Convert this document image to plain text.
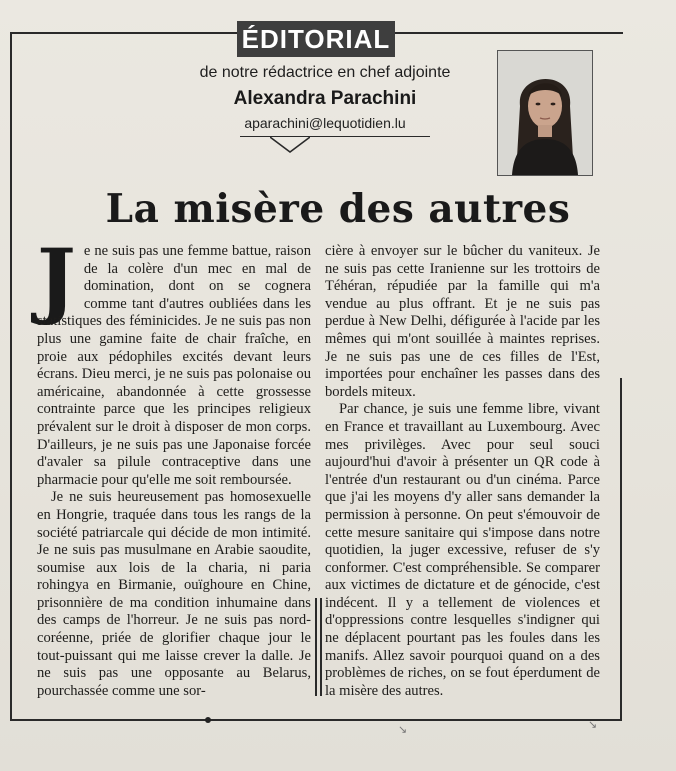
ÉDITORIAL
de notre rédactrice en chef adjointe
Alexandra Parachini
aparachini@lequotidien.lu
La misère des autres

Je ne suis pas une femme battue, raison de la colère d'un mec en mal de domination, dont on se cognera comme tant d'autres oubliées dans les statistiques des féminicides. Je ne suis pas non plus une gamine faite de chair fraîche, en proie aux pédophiles excités devant leurs écrans. Dieu merci, je ne suis pas polonaise ou américaine, abandonnée à cette grossesse contrainte parce que les principes religieux prévalent sur le droit à disposer de mon corps. D'ailleurs, je ne suis pas une Japonaise forcée d'avaler sa pilule contraceptive dans une pharmacie pour qu'elle me soit remboursée.

Je ne suis heureusement pas homosexuelle en Hongrie, traquée dans tous les rangs de la société patriarcale qui décide de mon intimité. Je ne suis pas musulmane en Arabie saoudite, soumise aux lois de la charia, ni paria rohingya en Birmanie, ouïghoure en Chine, prisonnière de ma condition inhumaine dans des camps de l'horreur. Je ne suis pas nord-coréenne, priée de glorifier chaque jour le tout-puissant qui me laisse crever la dalle. Je ne suis pas une opposante au Belarus, pourchassée comme une sor-

cière à envoyer sur le bûcher du vaniteux. Je ne suis pas cette Iranienne sur les trottoirs de Téhéran, répudiée par la famille qui m'a vendue au plus offrant. Et je ne suis pas perdue à New Delhi, défigurée à l'acide par les mêmes qui m'ont souillée à maintes reprises. Je ne suis pas une de ces filles de l'Est, importées pour enchaîner les passes dans des bordels miteux.

Par chance, je suis une femme libre, vivant en France et travaillant au Luxembourg. Avec mes privilèges. Avec pour seul souci aujourd'hui d'avoir à présenter un QR code à l'entrée d'un restaurant ou d'un cinéma. Parce que j'ai les moyens d'y aller sans demander la permission à personne. On peut s'émouvoir de cette mesure sanitaire qui s'impose dans notre quotidien, la juger excessive, refuser de s'y conformer. C'est compréhensible. Se comparer aux victimes de dictature et de génocide, c'est indécent. Il y a tellement de violences et d'oppressions contre lesquelles s'indigner qui ne déplacent pourtant pas les foules dans les manifs. Allez savoir pourquoi quand on a des problèmes de riches, on se fout éperdument de la misère des autres.

↘	↘
